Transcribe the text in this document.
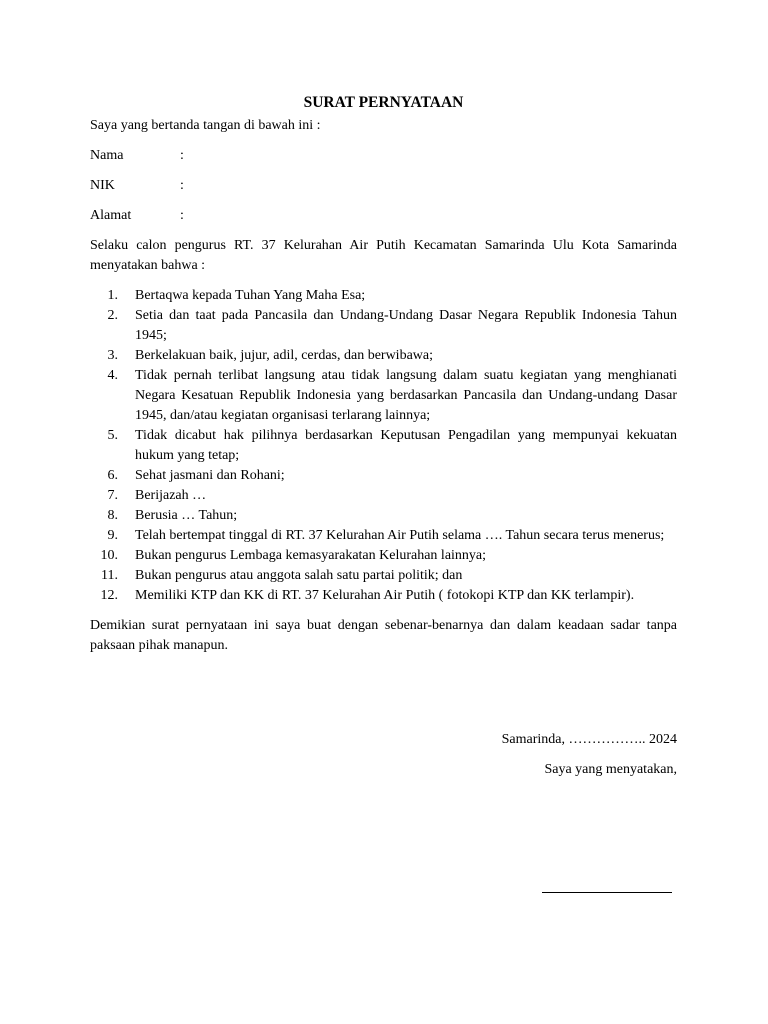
SURAT PERNYATAAN
Saya yang bertanda tangan di bawah ini :
Nama	:
NIK	:
Alamat	:
Selaku calon pengurus RT. 37 Kelurahan Air Putih Kecamatan Samarinda Ulu Kota Samarinda menyatakan bahwa :
1.	Bertaqwa kepada Tuhan Yang Maha Esa;
2.	Setia dan taat pada Pancasila dan Undang-Undang Dasar Negara Republik Indonesia Tahun 1945;
3.	Berkelakuan baik, jujur, adil, cerdas, dan berwibawa;
4.	Tidak pernah terlibat langsung atau tidak langsung dalam suatu kegiatan yang menghianati Negara Kesatuan Republik Indonesia yang berdasarkan Pancasila dan Undang-undang Dasar 1945, dan/atau kegiatan organisasi terlarang lainnya;
5.	Tidak dicabut hak pilihnya berdasarkan Keputusan Pengadilan yang mempunyai kekuatan hukum yang tetap;
6.	Sehat jasmani dan Rohani;
7.	Berijazah …
8.	Berusia … Tahun;
9.	Telah bertempat tinggal di RT. 37 Kelurahan Air Putih selama …. Tahun secara terus menerus;
10.	Bukan pengurus Lembaga kemasyarakatan Kelurahan lainnya;
11.	Bukan pengurus atau anggota salah satu partai politik; dan
12.	Memiliki KTP dan KK di RT. 37 Kelurahan Air Putih ( fotokopi KTP dan KK terlampir).
Demikian surat pernyataan ini saya buat dengan sebenar-benarnya dan dalam keadaan sadar tanpa paksaan pihak manapun.
Samarinda, …………….. 2024
Saya yang menyatakan,
